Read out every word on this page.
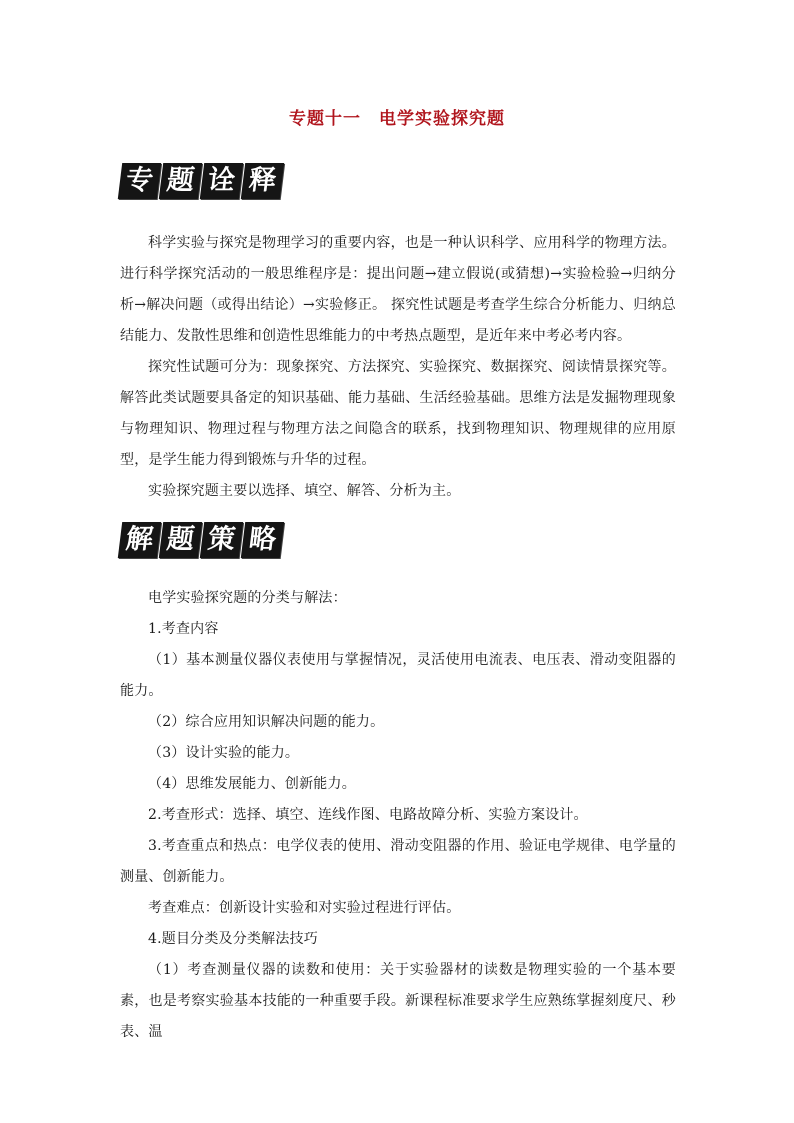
专题十一 电学实验探究题
专 题 诠 释

科学实验与探究是物理学习的重要内容，也是一种认识科学、应用科学的物理方法。进行科学探究活动的一般思维程序是：提出问题→建立假说(或猜想)→实验检验→归纳分析→解决问题（或得出结论）→实验修正。 探究性试题是考查学生综合分析能力、归纳总结能力、发散性思维和创造性思维能力的中考热点题型，是近年来中考必考内容。

探究性试题可分为：现象探究、方法探究、实验探究、数据探究、阅读情景探究等。解答此类试题要具备定的知识基础、能力基础、生活经验基础。思维方法是发掘物理现象与物理知识、物理过程与物理方法之间隐含的联系，找到物理知识、物理规律的应用原型，是学生能力得到锻炼与升华的过程。

实验探究题主要以选择、填空、解答、分析为主。

解 题 策 略

电学实验探究题的分类与解法：

1.考查内容

（1）基本测量仪器仪表使用与掌握情况，灵活使用电流表、电压表、滑动变阻器的能力。

（2）综合应用知识解决问题的能力。

（3）设计实验的能力。

（4）思维发展能力、创新能力。

2.考查形式：选择、填空、连线作图、电路故障分析、实验方案设计。

3.考查重点和热点：电学仪表的使用、滑动变阻器的作用、验证电学规律、电学量的测量、创新能力。

考查难点：创新设计实验和对实验过程进行评估。

4.题目分类及分类解法技巧

（1）考查测量仪器的读数和使用：关于实验器材的读数是物理实验的一个基本要素，也是考察实验基本技能的一种重要手段。新课程标准要求学生应熟练掌握刻度尺、秒表、温
